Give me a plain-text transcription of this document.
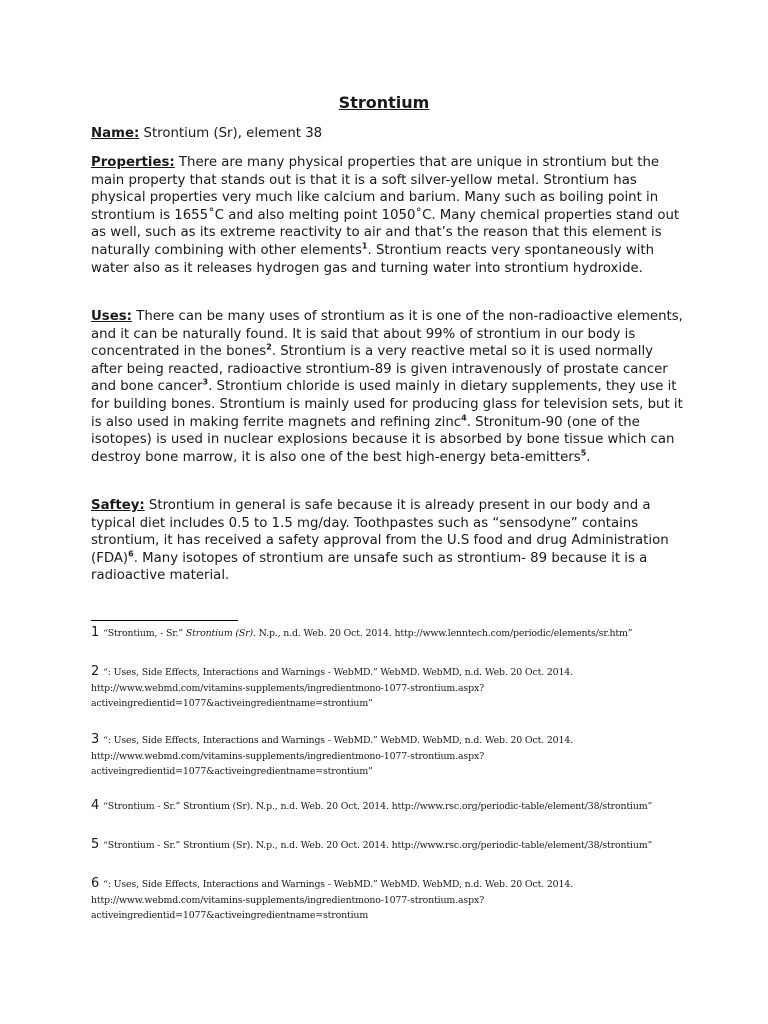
Strontium

Name: Strontium (Sr), element 38

Properties: There are many physical properties that are unique in strontium but the main property that stands out is that it is a soft silver-yellow metal. Strontium has physical properties very much like calcium and barium. Many such as boiling point in strontium is 1655˚C and also melting point 1050˚C. Many chemical properties stand out as well, such as its extreme reactivity to air and that’s the reason that this element is naturally combining with other elements$^1$. Strontium reacts very spontaneously with water also as it releases hydrogen gas and turning water into strontium hydroxide.

Uses: There can be many uses of strontium as it is one of the non-radioactive elements, and it can be naturally found. It is said that about 99% of strontium in our body is concentrated in the bones$^2$. Strontium is a very reactive metal so it is used normally after being reacted, radioactive strontium-89 is given intravenously of prostate cancer and bone cancer$^3$. Strontium chloride is used mainly in dietary supplements, they use it for building bones. Strontium is mainly used for producing glass for television sets, but it is also used in making ferrite magnets and refining zinc$^4$. Stronitum-90 (one of the isotopes) is used in nuclear explosions because it is absorbed by bone tissue which can destroy bone marrow, it is also one of the best high-energy beta-emitters$^5$.

Saftey: Strontium in general is safe because it is already present in our body and a typical diet includes 0.5 to 1.5 mg/day. Toothpastes such as “sensodyne” contains strontium, it has received a safety approval from the U.S food and drug Administration (FDA)$^6$. Many isotopes of strontium are unsafe such as strontium- 89 because it is a radioactive material.

1 “Strontium, - Sr.” Strontium (Sr). N.p., n.d. Web. 20 Oct. 2014. http://www.lenntech.com/periodic/elements/sr.htm”
2 “: Uses, Side Effects, Interactions and Warnings - WebMD.” WebMD. WebMD, n.d. Web. 20 Oct. 2014.
http://www.webmd.com/vitamins-supplements/ingredientmono-1077-strontium.aspx?
activeingredientid=1077&activeingredientname=strontium”
3 “: Uses, Side Effects, Interactions and Warnings - WebMD.” WebMD. WebMD, n.d. Web. 20 Oct. 2014.
http://www.webmd.com/vitamins-supplements/ingredientmono-1077-strontium.aspx?
activeingredientid=1077&activeingredientname=strontium”
4 “Strontium - Sr.” Strontium (Sr). N.p., n.d. Web. 20 Oct. 2014. http://www.rsc.org/periodic-table/element/38/strontium”
5 “Strontium - Sr.” Strontium (Sr). N.p., n.d. Web. 20 Oct. 2014. http://www.rsc.org/periodic-table/element/38/strontium”
6 “: Uses, Side Effects, Interactions and Warnings - WebMD.” WebMD. WebMD, n.d. Web. 20 Oct. 2014.
http://www.webmd.com/vitamins-supplements/ingredientmono-1077-strontium.aspx?
activeingredientid=1077&activeingredientname=strontium
